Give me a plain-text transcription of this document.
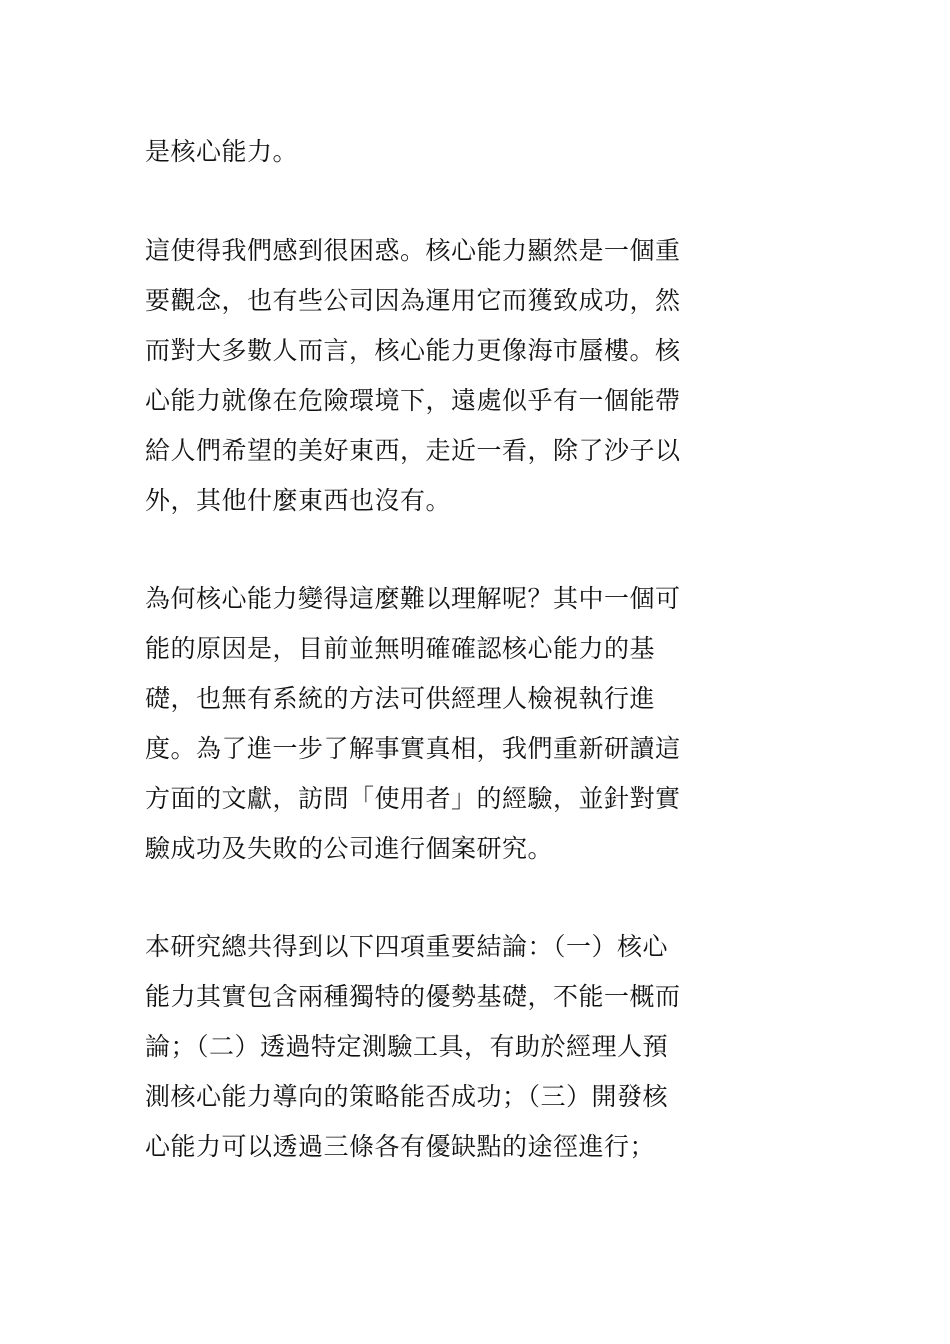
是核心能力。
這使得我們感到很困惑。核心能力顯然是一個重
要觀念，也有些公司因為運用它而獲致成功，然
而對大多數人而言，核心能力更像海市蜃樓。核
心能力就像在危險環境下，遠處似乎有一個能帶
給人們希望的美好東西，走近一看，除了沙子以
外，其他什麼東西也沒有。
為何核心能力變得這麼難以理解呢？其中一個可
能的原因是，目前並無明確確認核心能力的基
礎，也無有系統的方法可供經理人檢視執行進
度。為了進一步了解事實真相，我們重新研讀這
方面的文獻，訪問「使用者」的經驗，並針對實
驗成功及失敗的公司進行個案研究。
本研究總共得到以下四項重要結論：（一）核心
能力其實包含兩種獨特的優勢基礎，不能一概而
論；（二）透過特定測驗工具，有助於經理人預
測核心能力導向的策略能否成功；（三）開發核
心能力可以透過三條各有優缺點的途徑進行；
